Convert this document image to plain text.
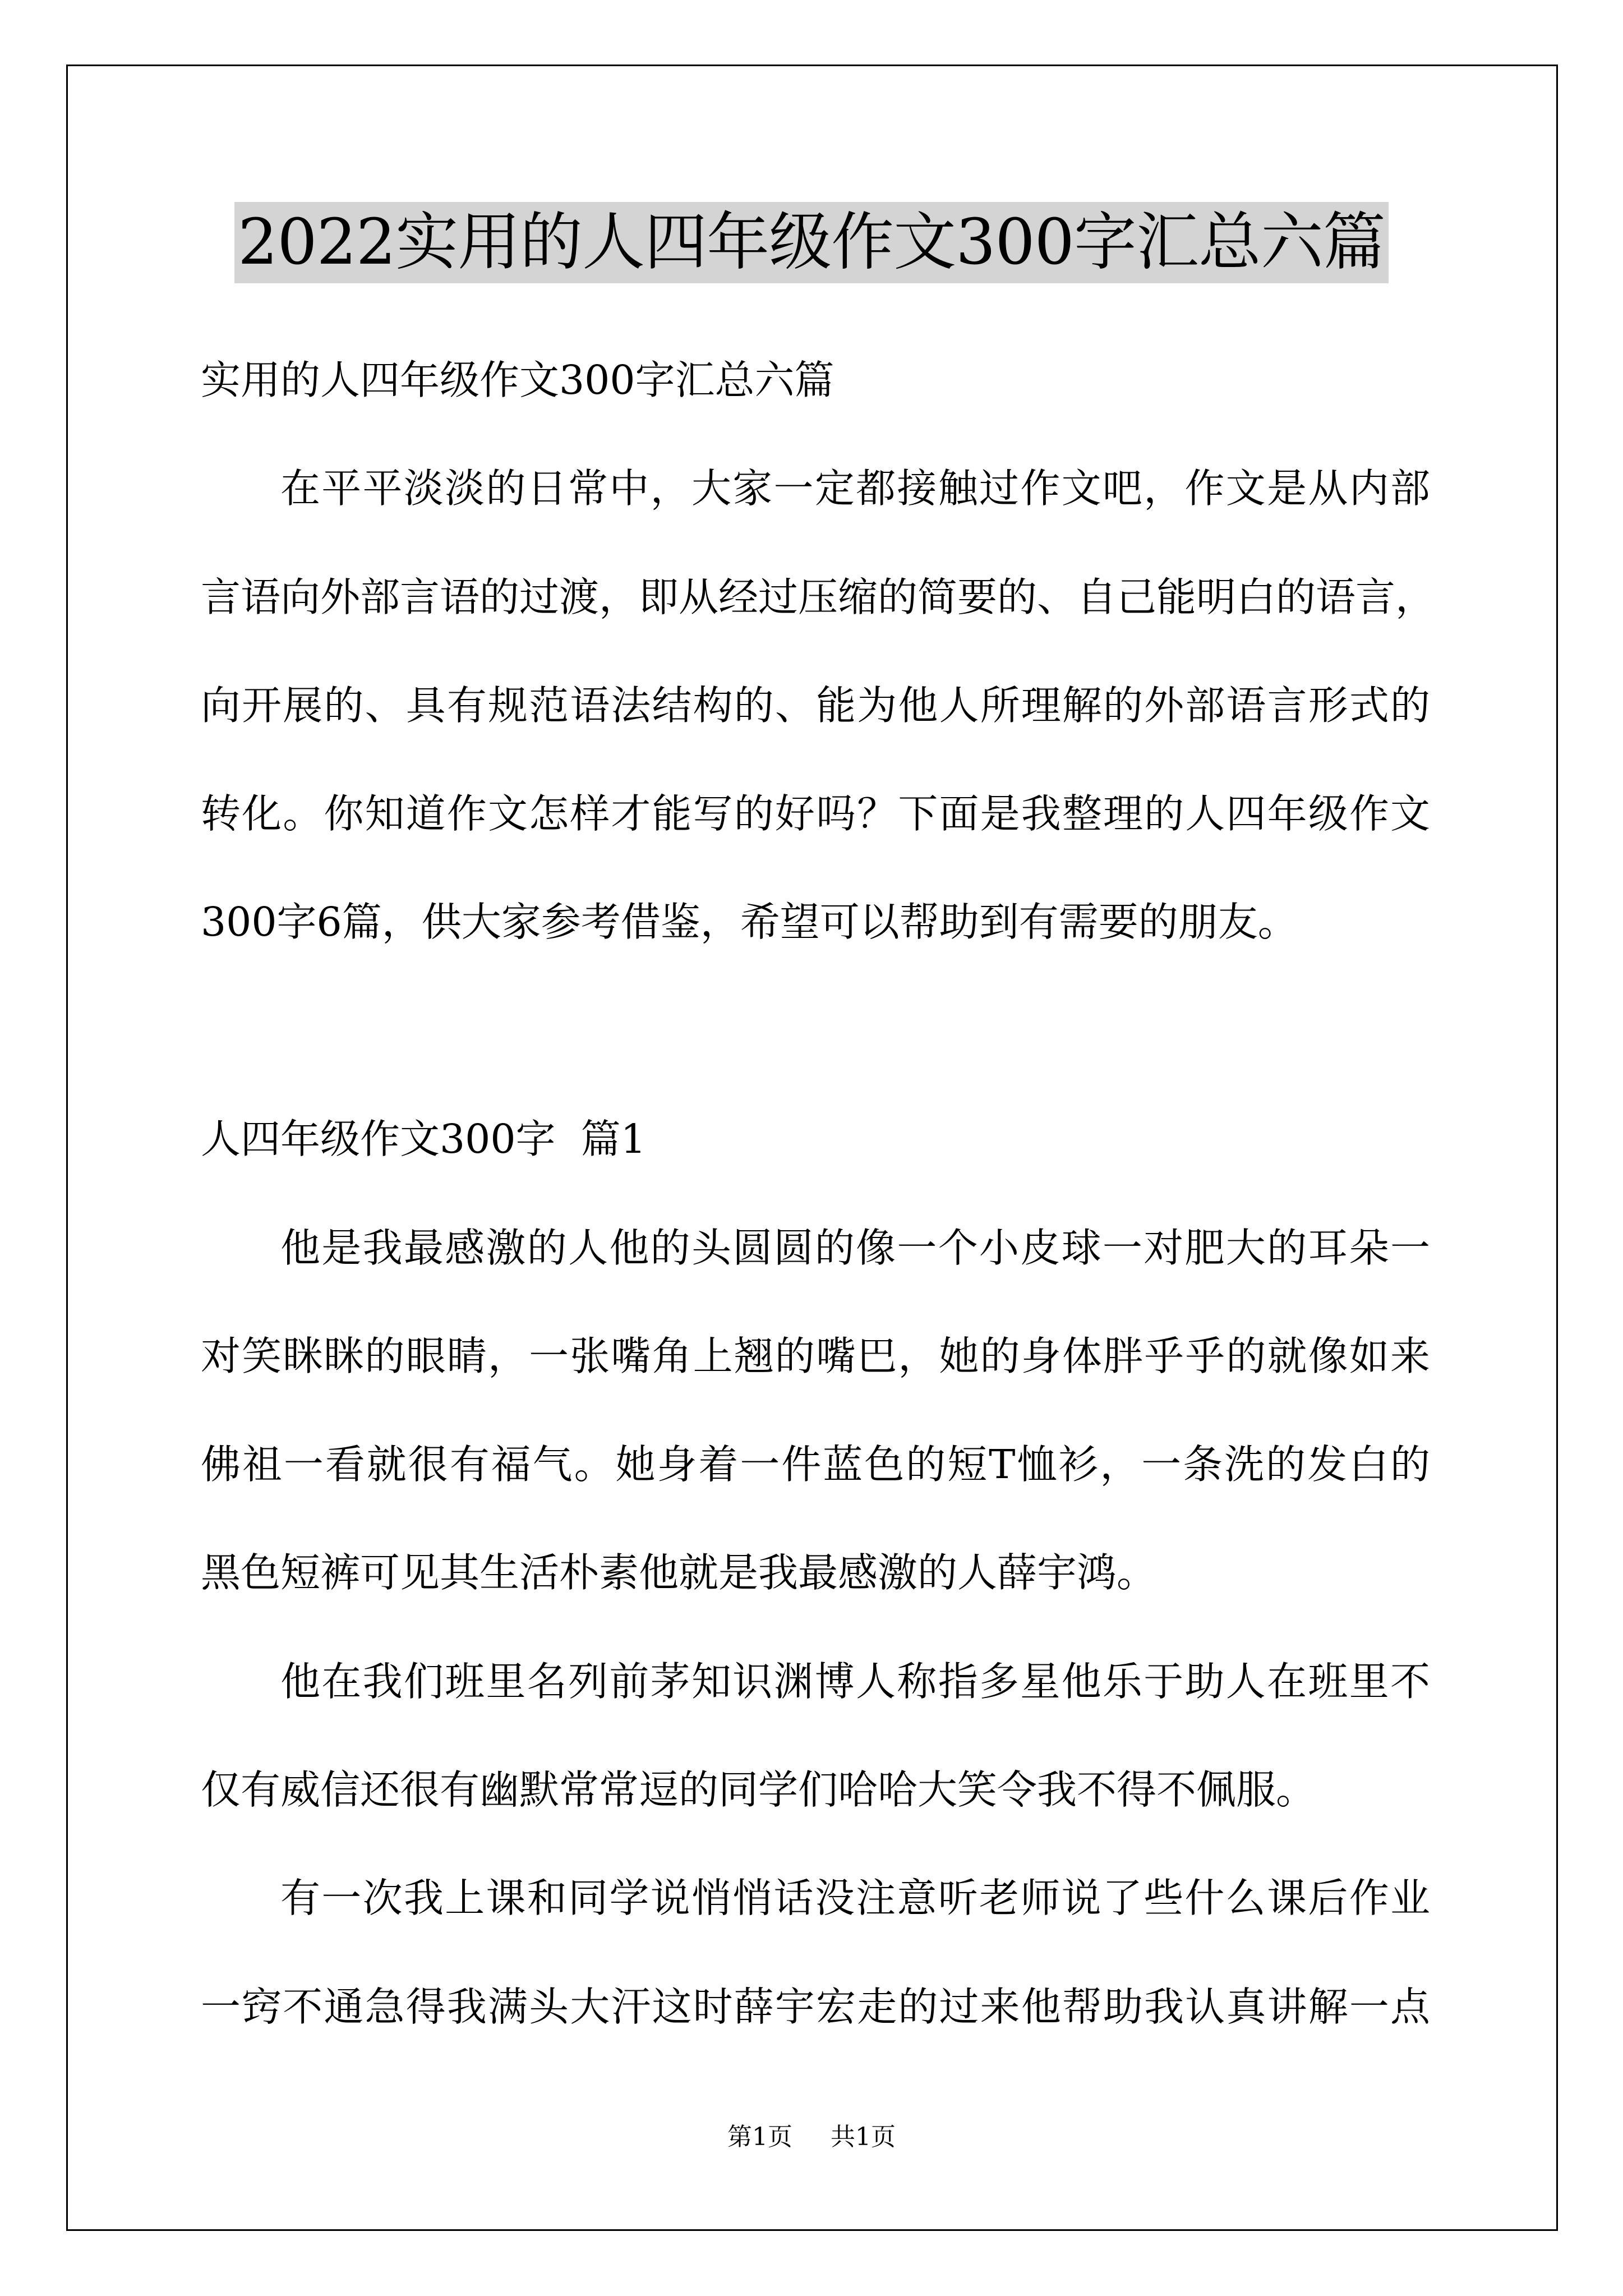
2022实用的人四年级作文300字汇总六篇
实用的人四年级作文300字汇总六篇
在平平淡淡的日常中，大家一定都接触过作文吧，作文是从内部
言语向外部言语的过渡，即从经过压缩的简要的、自己能明白的语言，
向开展的、具有规范语法结构的、能为他人所理解的外部语言形式的
转化。你知道作文怎样才能写的好吗？下面是我整理的人四年级作文
300字6篇，供大家参考借鉴，希望可以帮助到有需要的朋友。
人四年级作文300字  篇1
他是我最感激的人他的头圆圆的像一个小皮球一对肥大的耳朵一
对笑眯眯的眼睛，一张嘴角上翘的嘴巴，她的身体胖乎乎的就像如来
佛祖一看就很有福气。她身着一件蓝色的短T恤衫，一条洗的发白的
黑色短裤可见其生活朴素他就是我最感激的人薛宇鸿。
他在我们班里名列前茅知识渊博人称指多星他乐于助人在班里不
仅有威信还很有幽默常常逗的同学们哈哈大笑令我不得不佩服。
有一次我上课和同学说悄悄话没注意听老师说了些什么课后作业
一窍不通急得我满头大汗这时薛宇宏走的过来他帮助我认真讲解一点
第1页  共1页
